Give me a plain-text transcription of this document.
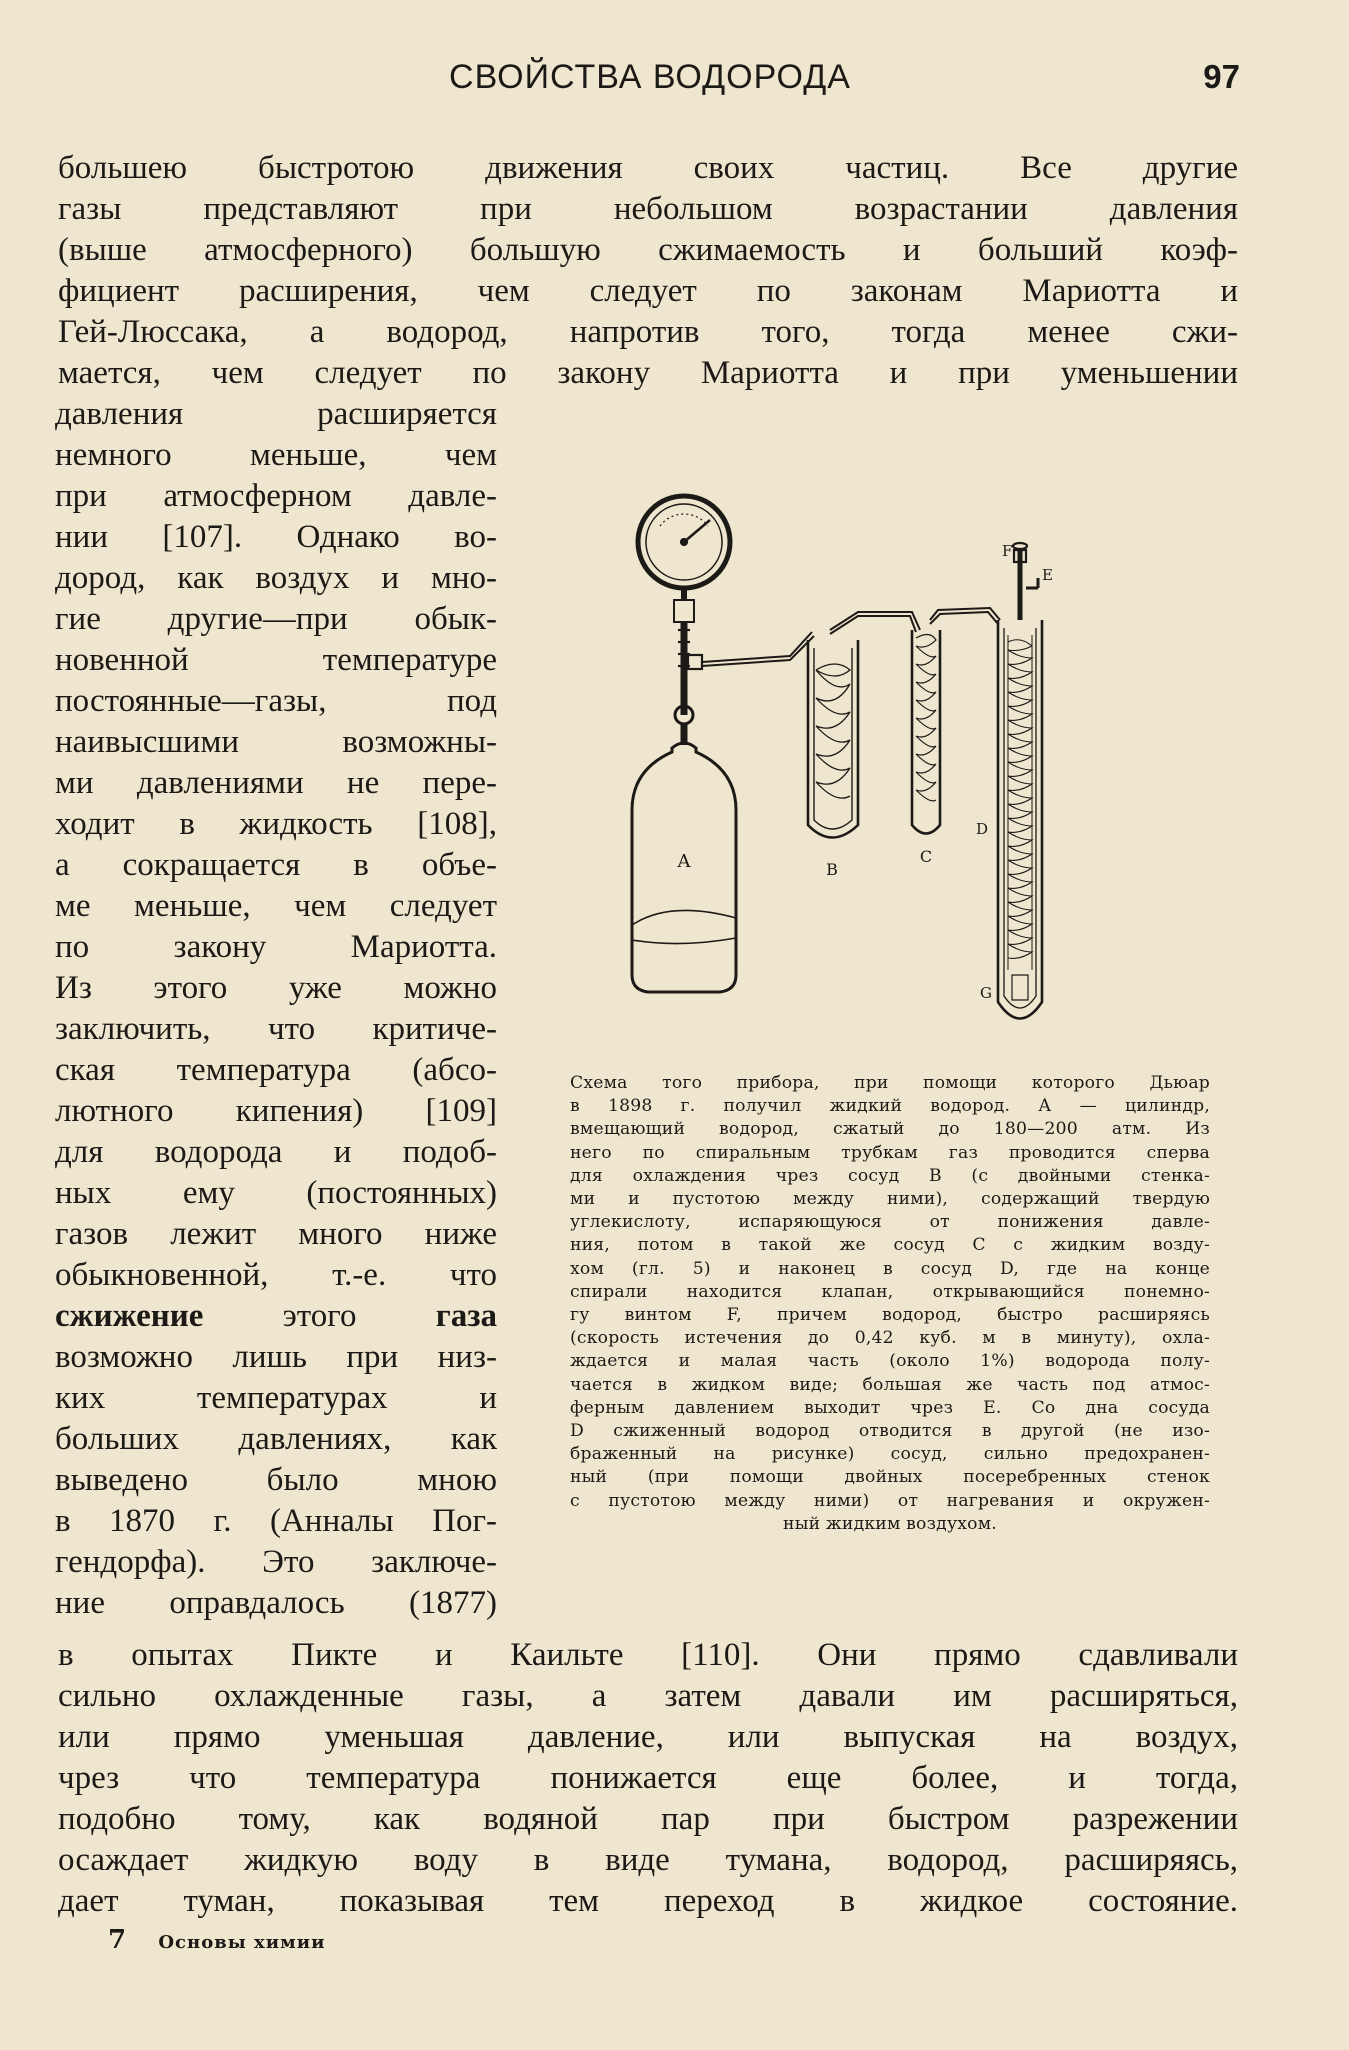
СВОЙСТВА ВОДОРОДА	97
большею быстротою движения своих частиц. Все другие
газы представляют при небольшом возрастании давления
(выше атмосферного) большую сжимаемость и больший коэф-
фициент расширения, чем следует по законам Мариотта и
Гей-Люссака, а водород, напротив того, тогда менее сжи-
мается, чем следует по закону Мариотта и при уменьшении
давления расширяется
немного меньше, чем
при атмосферном давле-
нии [107]. Однако во-
дород, как воздух и мно-
гие другие—при обык-
новенной температуре
постоянные—газы, под
наивысшими возможны-
ми давлениями не пере-
ходит в жидкость [108],
а сокращается в объе-
ме меньше, чем следует
по закону Мариотта.
Из этого уже можно
заключить, что критиче-
ская температура (абсо-
лютного кипения) [109]
для водорода и подоб-
ных ему (постоянных)
газов лежит много ниже
обыкновенной, т.-е. что
сжижение этого газа
возможно лишь при низ-
ких температурах и
больших давлениях, как
выведено было мною
в 1870 г. (Анналы Пог-
гендорфа). Это заключе-
ние оправдалось (1877)
в опытах Пикте и Каильте [110]. Они прямо сдавливали
сильно охлажденные газы, а затем давали им расширяться,
или прямо уменьшая давление, или выпуская на воздух,
чрез что температура понижается еще более, и тогда,
подобно тому, как водяной пар при быстром разрежении
осаждает жидкую воду в виде тумана, водород, расширяясь,
дает туман, показывая тем переход в жидкое состояние.
A	B
C
F
E
D
G
Схема того прибора, при помощи которого Дьюар
в 1898 г. получил жидкий водород. А — цилиндр,
вмещающий водород, сжатый до 180—200 атм. Из
него по спиральным трубкам газ проводится сперва
для охлаждения чрез сосуд В (с двойными стенка-
ми и пустотою между ними), содержащий твердую
углекислоту, испаряющуюся от понижения давле-
ния, потом в такой же сосуд С с жидким возду-
хом (гл. 5) и наконец в сосуд D, где на конце
спирали находится клапан, открывающийся понемно-
гу винтом F, причем водород, быстро расширяясь
(скорость истечения до 0,42 куб. м в минуту), охла-
ждается и малая часть (около 1%) водорода полу-
чается в жидком виде; большая же часть под атмос-
ферным давлением выходит чрез Е. Со дна сосуда
D сжиженный водород отводится в другой (не изо-
браженный на рисунке) сосуд, сильно предохранен-
ный (при помощи двойных посеребренных стенок
с пустотою между ними) от нагревания и окружен-
ный жидким воздухом.
7 Основы химии
